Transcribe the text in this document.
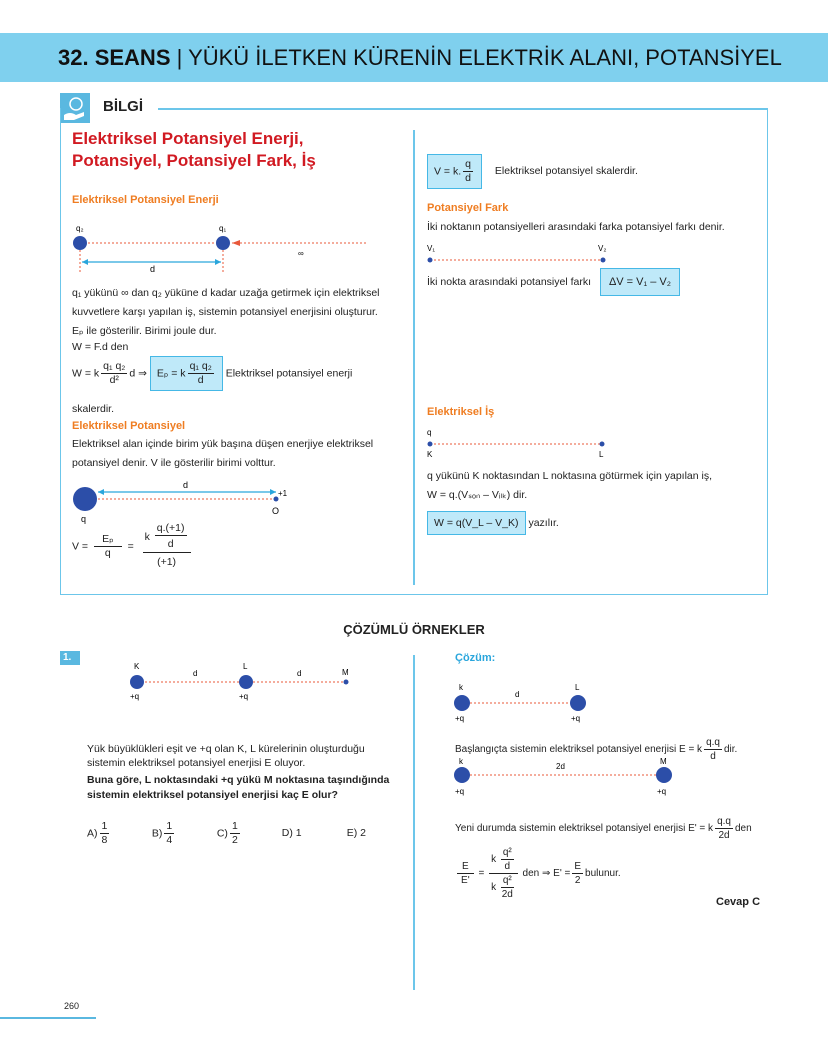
32. SEANS | YÜKÜ İLETKEN KÜRENİN ELEKTRİK ALANI, POTANSİYEL
BİLGİ
Elektriksel Potansiyel Enerji,
Potansiyel, Potansiyel Fark, İş
Elektriksel Potansiyel Enerji
q₂	q₁
d
∞

q₁ yükünü ∞ dan q₂ yüküne d kadar uzağa getirmek için elektriksel kuvvetlere karşı yapılan iş, sistemin potansiyel enerjisini oluşturur. Eₚ ile gösterilir. Birimi joule dur.

W = F.d den
W = k $\frac{\text{q₁ q₂}}{\text{d²}}$ d ⇒ Eₚ = k $\frac{\text{q₁ q₂}}{d}$ Elektriksel potansiyel enerji
skalerdir.
Elektriksel Potansiyel

Elektriksel alan içinde birim yük başına düşen enerjiye elektriksel potansiyel denir. V ile gösterilir birimi volttur.

d
+1
q
O
$V = \frac{\text{Eₚ}}{q} = \frac{k \frac{q.(+1)}{d}}{(+1)}$
V = k. $\frac{q}{d}$ Elektriksel potansiyel skalerdir.
Potansiyel Fark
İki noktanın potansiyelleri arasındaki farka potansiyel farkı denir.
V₁	V₂
İki nokta arasındaki potansiyel farkı ΔV = V₁ – V₂
Elektriksel İş
q
K	L
q yükünü K noktasından L noktasına götürmek için yapılan iş,
W = q.(Vₛₒₙ – Vᵢₗₖ) dir.
W = q(V_L – V_K) yazılır.
ÇÖZÜMLÜ ÖRNEKLER
1.
K	L
M
d	d
+q	+q

Yük büyüklükleri eşit ve +q olan K, L kürelerinin oluşturduğu sistemin elektriksel potansiyel enerjisi E oluyor.

Buna göre, L noktasındaki +q yükü M noktasına taşındığında sistemin elektriksel potansiyel enerjisi kaç E olur?

$A) \frac{1}{8}$	$B) \frac{1}{4}$	$C) \frac{1}{2}$	D) 1	E) 2
Çözüm:
k	L
d
+q	+q
Başlangıçta sistemin elektriksel potansiyel enerjisi E = k $\frac{q.q}{d}$ dir.
k	M
2d
+q	+q
Yeni durumda sistemin elektriksel potansiyel enerjisi E' = k $\frac{q.q}{2d}$ den
$\frac{E}{E'} = \frac{k \frac{\text{q²}}{d}}{k \frac{\text{q²}}{2d}}$ den ⇒ $E' = \frac{E}{2}$ bulunur.
Cevap C
260
